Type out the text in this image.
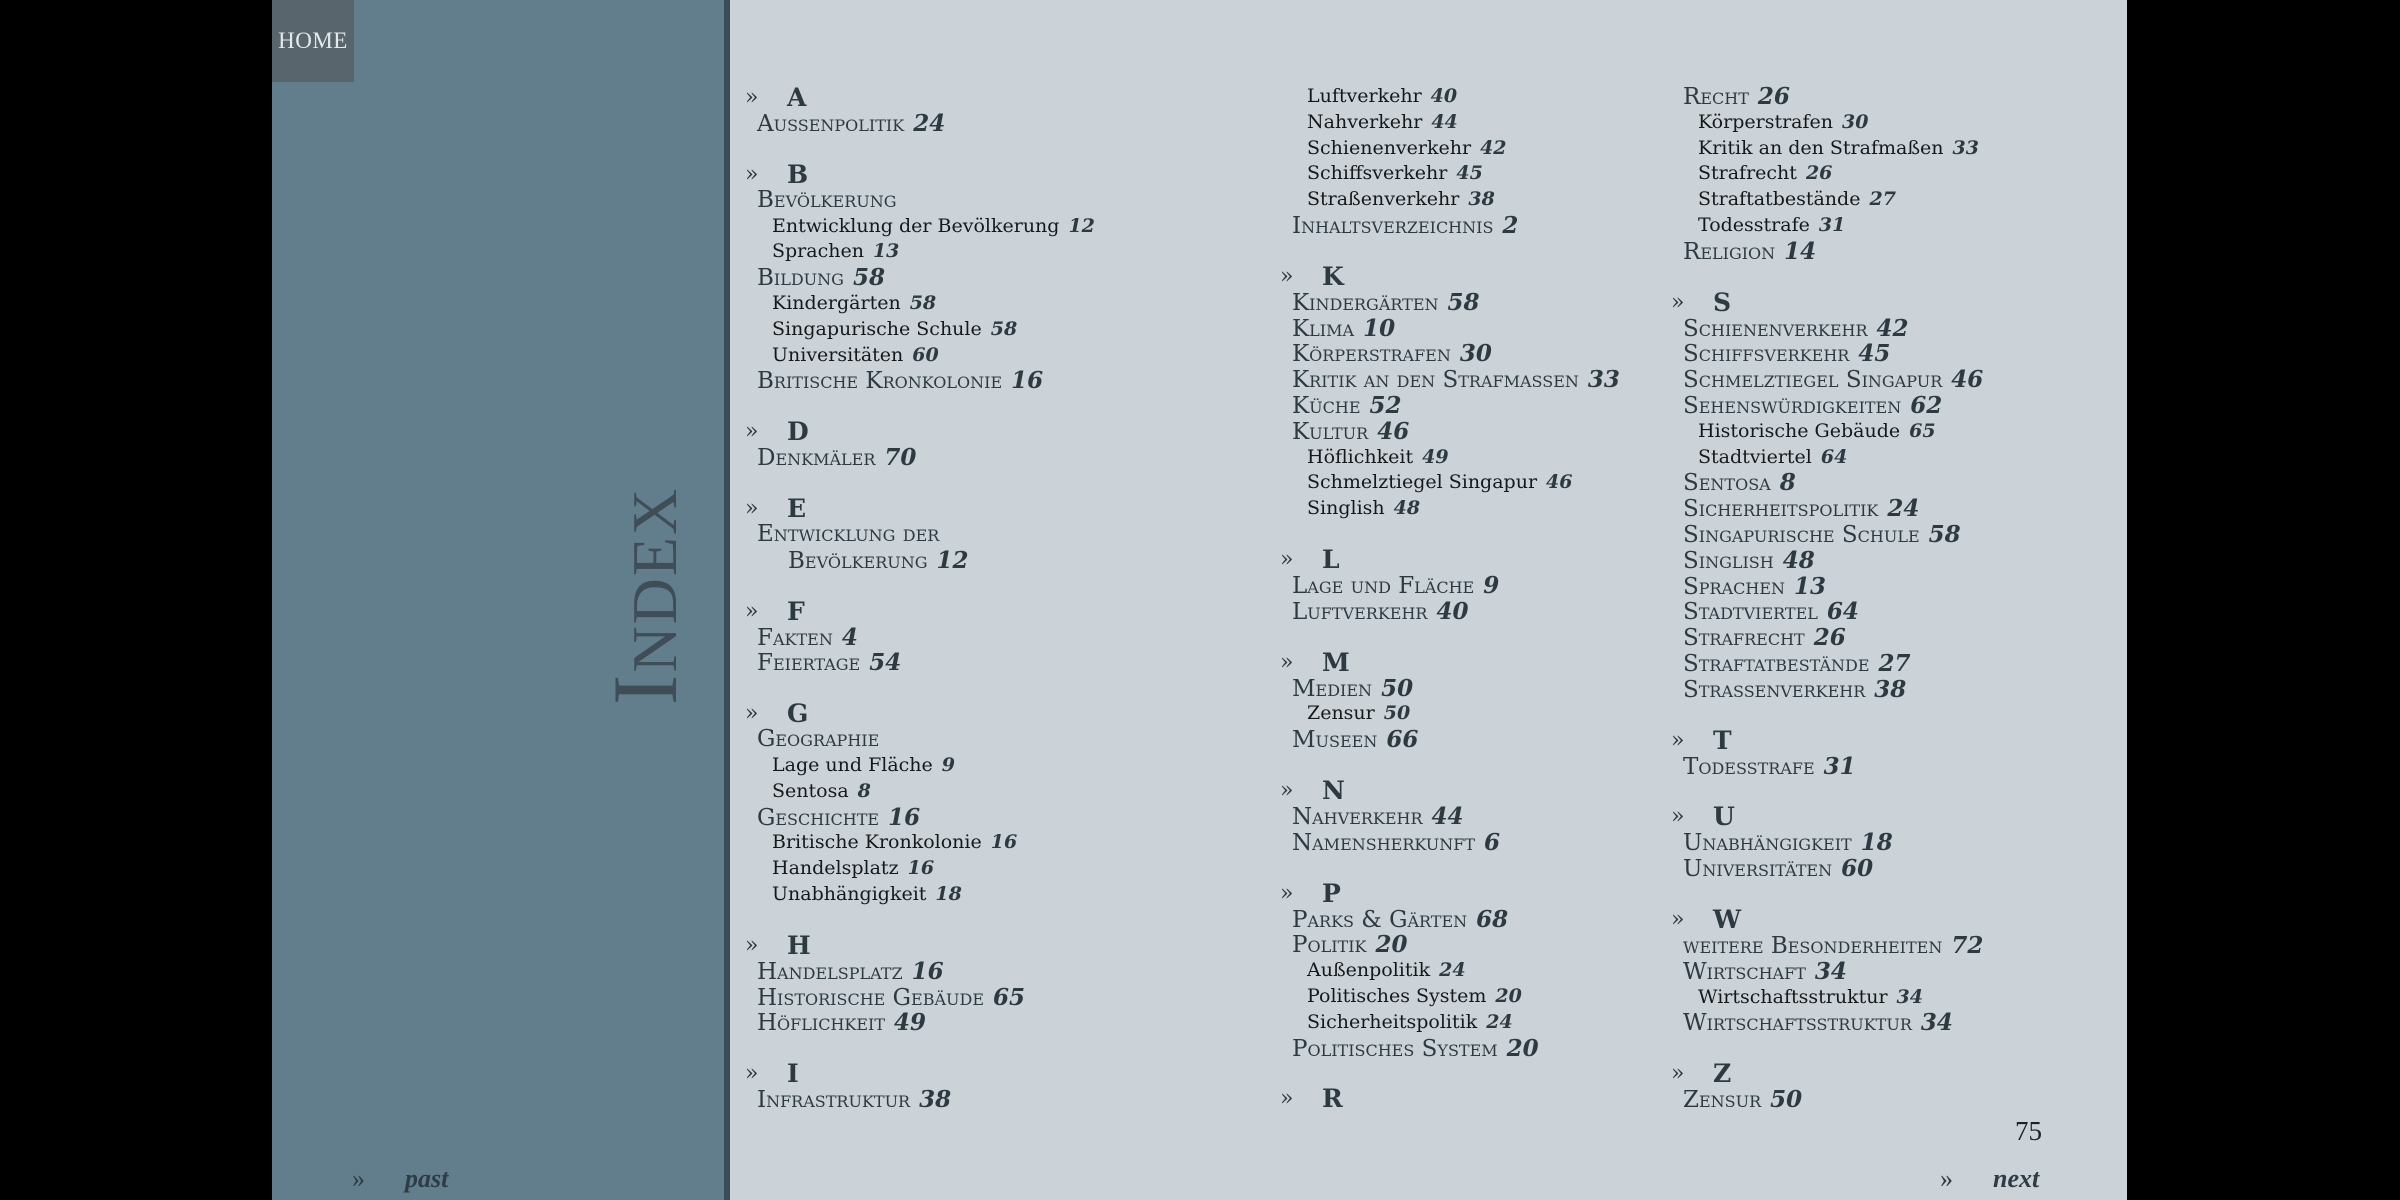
HOME
Index
» past
» A
Aussenpolitik 24
» B
Bevölkerung
Entwicklung der Bevölkerung 12
Sprachen 13
Bildung 58
Kindergärten 58
Singapurische Schule 58
Universitäten 60
Britische Kronkolonie 16
» D
Denkmäler 70
» E
Entwicklung der
Bevölkerung 12
» F
Fakten 4
Feiertage 54
» G
Geographie
Lage und Fläche 9
Sentosa 8
Geschichte 16
Britische Kronkolonie 16
Handelsplatz 16
Unabhängigkeit 18
» H
Handelsplatz 16
Historische Gebäude 65
Höflichkeit 49
» I
Infrastruktur 38
Luftverkehr 40
Nahverkehr 44
Schienenverkehr 42
Schiffsverkehr 45
Straßenverkehr 38
Inhaltsverzeichnis 2
» K
Kindergärten 58
Klima 10
Körperstrafen 30
Kritik an den Strafmassen 33
Küche 52
Kultur 46
Höflichkeit 49
Schmelztiegel Singapur 46
Singlish 48
» L
Lage und Fläche 9
Luftverkehr 40
» M
Medien 50
Zensur 50
Museen 66
» N
Nahverkehr 44
Namensherkunft 6
» P
Parks & Gärten 68
Politik 20
Außenpolitik 24
Politisches System 20
Sicherheitspolitik 24
Politisches System 20
» R
Recht 26
Körperstrafen 30
Kritik an den Strafmaßen 33
Strafrecht 26
Straftatbestände 27
Todesstrafe 31
Religion 14
» S
Schienenverkehr 42
Schiffsverkehr 45
Schmelztiegel Singapur 46
Sehenswürdigkeiten 62
Historische Gebäude 65
Stadtviertel 64
Sentosa 8
Sicherheitspolitik 24
Singapurische Schule 58
Singlish 48
Sprachen 13
Stadtviertel 64
Strafrecht 26
Straftatbestände 27
Strassenverkehr 38
» T
Todesstrafe 31
» U
Unabhängigkeit 18
Universitäten 60
» W
weitere Besonderheiten 72
Wirtschaft 34
Wirtschaftsstruktur 34
Wirtschaftsstruktur 34
» Z
Zensur 50
75
» next
